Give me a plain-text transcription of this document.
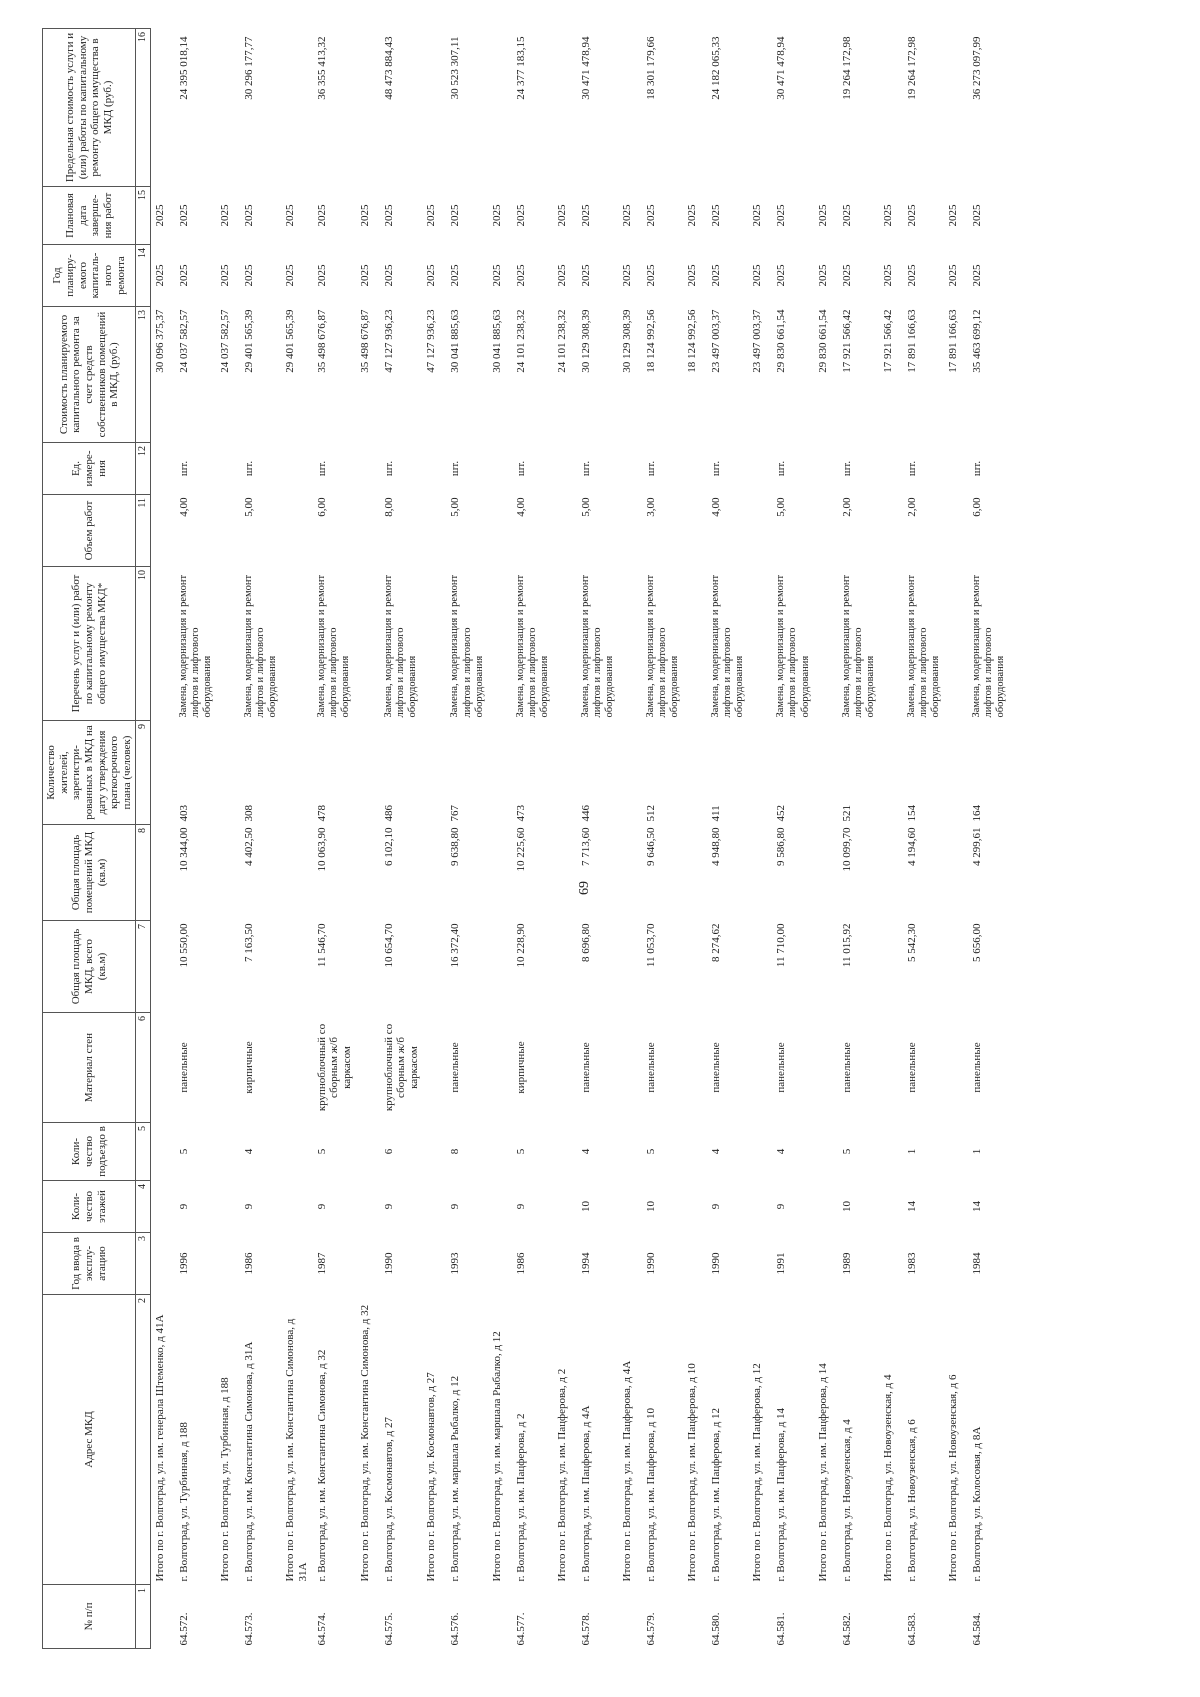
69
№ п/п	Адрес МКД	Год ввода в эксплу-атацию	Коли-чество этажей	Коли-чество подъездо в	Материал стен	Общая площадь МКД, всего (кв.м)	Общая площадь помещений МКД (кв.м)	Количество жителей, зарегистри-рованных в МКД на дату утверждения краткосрочного плана (человек)	Перечень услуг и (или) работ по капитальному ремонту общего имущества МКД*	Объем работ	Ед. измере-ния	Стоимость планируемого капитального ремонта за счет средств собственников помещений в МКД, (руб.)	Год планиру-емого капиталь-ного ремонта	Плановая дата заверше-ния работ	Предельная стоимость услуги и (или) работы по капитальному ремонту общего имущества в МКД (руб.)
1	2	3	4	5	6	7	8	9	10	11	12	13	14	15	16
	Итого по г. Волгоград, ул. им. генерала Штеменко, д 41А											30 096 375,37	2025	2025	
64.572.	г. Волгоград, ул. Турбинная, д 188	1996	9	5	панельные	10 550,00	10 344,00	403	Замена, модернизация и ремонт лифтов и лифтового оборудования	4,00	шт.	24 037 582,57	2025	2025	24 395 018,14
	Итого по г. Волгоград, ул. Турбинная, д 188											24 037 582,57	2025	2025	
64.573.	г. Волгоград, ул. им. Константина Симонова, д 31А	1986	9	4	кирпичные	7 163,50	4 402,50	308	Замена, модернизация и ремонт лифтов и лифтового оборудования	5,00	шт.	29 401 565,39	2025	2025	30 296 177,77
	Итого по г. Волгоград, ул. им. Константина Симонова, д 31А											29 401 565,39	2025	2025	
64.574.	г. Волгоград, ул. им. Константина Симонова, д 32	1987	9	5	крупноблочный со сборным ж/б каркасом	11 546,70	10 063,90	478	Замена, модернизация и ремонт лифтов и лифтового оборудования	6,00	шт.	35 498 676,87	2025	2025	36 355 413,32
	Итого по г. Волгоград, ул. им. Константина Симонова, д 32											35 498 676,87	2025	2025	
64.575.	г. Волгоград, ул. Космонавтов, д 27	1990	9	6	крупноблочный со сборным ж/б каркасом	10 654,70	6 102,10	486	Замена, модернизация и ремонт лифтов и лифтового оборудования	8,00	шт.	47 127 936,23	2025	2025	48 473 884,43
	Итого по г. Волгоград, ул. Космонавтов, д 27											47 127 936,23	2025	2025	
64.576.	г. Волгоград, ул. им. маршала Рыбалко, д 12	1993	9	8	панельные	16 372,40	9 638,80	767	Замена, модернизация и ремонт лифтов и лифтового оборудования	5,00	шт.	30 041 885,63	2025	2025	30 523 307,11
	Итого по г. Волгоград, ул. им. маршала Рыбалко, д 12											30 041 885,63	2025	2025	
64.577.	г. Волгоград, ул. им. Пацферова, д 2	1986	9	5	кирпичные	10 228,90	10 225,60	473	Замена, модернизация и ремонт лифтов и лифтового оборудования	4,00	шт.	24 101 238,32	2025	2025	24 377 183,15
	Итого по г. Волгоград, ул. им. Пацферова, д 2											24 101 238,32	2025	2025	
64.578.	г. Волгоград, ул. им. Пацферова, д 4А	1994	10	4	панельные	8 696,80	7 713,60	446	Замена, модернизация и ремонт лифтов и лифтового оборудования	5,00	шт.	30 129 308,39	2025	2025	30 471 478,94
	Итого по г. Волгоград, ул. им. Пацферова, д 4А											30 129 308,39	2025	2025	
64.579.	г. Волгоград, ул. им. Пацферова, д 10	1990	10	5	панельные	11 053,70	9 646,50	512	Замена, модернизация и ремонт лифтов и лифтового оборудования	3,00	шт.	18 124 992,56	2025	2025	18 301 179,66
	Итого по г. Волгоград, ул. им. Пацферова, д 10											18 124 992,56	2025	2025	
64.580.	г. Волгоград, ул. им. Пацферова, д 12	1990	9	4	панельные	8 274,62	4 948,80	411	Замена, модернизация и ремонт лифтов и лифтового оборудования	4,00	шт.	23 497 003,37	2025	2025	24 182 065,33
	Итого по г. Волгоград, ул. им. Пацферова, д 12											23 497 003,37	2025	2025	
64.581.	г. Волгоград, ул. им. Пацферова, д 14	1991	9	4	панельные	11 710,00	9 586,80	452	Замена, модернизация и ремонт лифтов и лифтового оборудования	5,00	шт.	29 830 661,54	2025	2025	30 471 478,94
	Итого по г. Волгоград, ул. им. Пацферова, д 14											29 830 661,54	2025	2025	
64.582.	г. Волгоград, ул. Новоузенская, д 4	1989	10	5	панельные	11 015,92	10 099,70	521	Замена, модернизация и ремонт лифтов и лифтового оборудования	2,00	шт.	17 921 566,42	2025	2025	19 264 172,98
	Итого по г. Волгоград, ул. Новоузенская, д 4											17 921 566,42	2025	2025	
64.583.	г. Волгоград, ул. Новоузенская, д 6	1983	14	1	панельные	5 542,30	4 194,60	154	Замена, модернизация и ремонт лифтов и лифтового оборудования	2,00	шт.	17 891 166,63	2025	2025	19 264 172,98
	Итого по г. Волгоград, ул. Новоузенская, д 6											17 891 166,63	2025	2025	
64.584.	г. Волгоград, ул. Колосовая, д 8А	1984	14	1	панельные	5 656,00	4 299,61	164	Замена, модернизация и ремонт лифтов и лифтового оборудования	6,00	шт.	35 463 699,12	2025	2025	36 273 097,99
